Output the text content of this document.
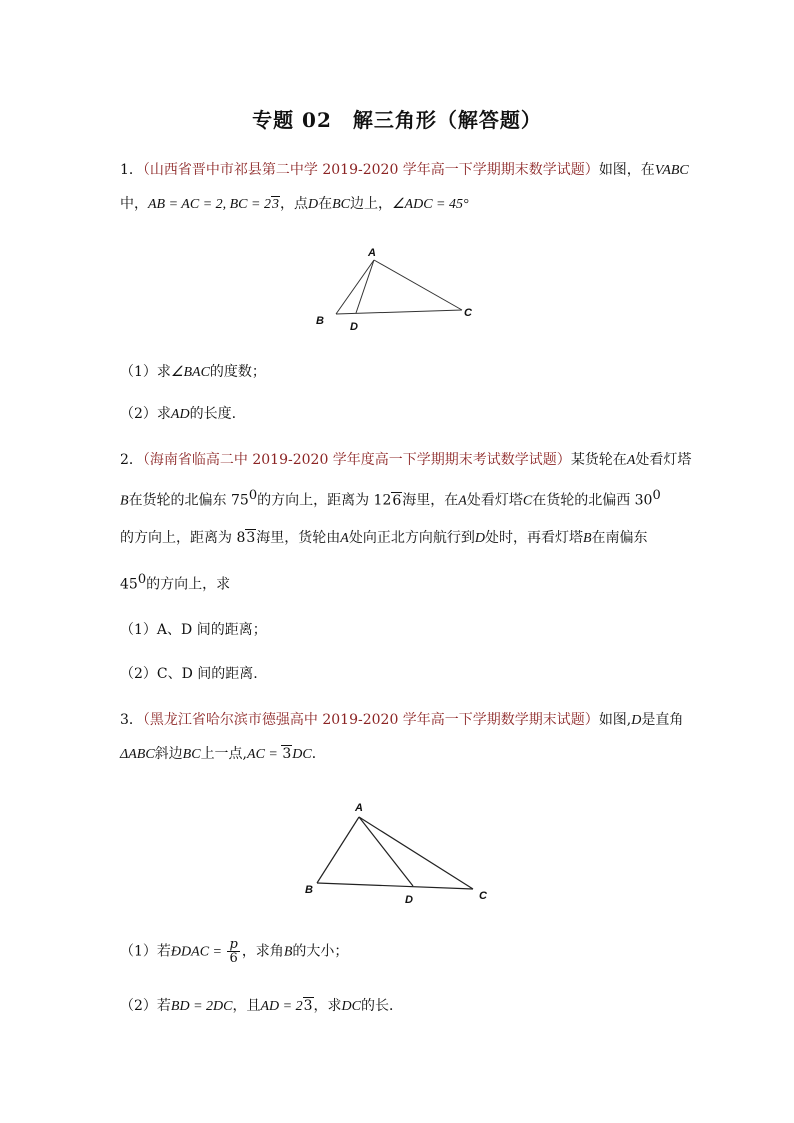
专题 02　解三角形（解答题）
1．（山西省晋中市祁县第二中学 2019-2020 学年高一下学期期末数学试题）如图，在VABC
中，AB = AC = 2, BC = 23，点D在BC边上，∠ADC = 45°
A
B D
C
（1）求∠BAC的度数；
（2）求AD的长度.
2．（海南省临高二中 2019-2020 学年度高一下学期期末考试数学试题）某货轮在A处看灯塔
B在货轮的北偏东 $75^0$的方向上，距离为 126海里，在A处看灯塔C在货轮的北偏西 $30^0$
的方向上，距离为 83海里，货轮由A处向正北方向航行到D处时，再看灯塔B在南偏东
$45^0$的方向上，求
（1）A、D 间的距离；
（2）C、D 间的距离.
3．（黑龙江省哈尔滨市德强高中 2019-2020 学年高一下学期数学期末试题）如图,D是直角
ΔABC斜边BC上一点,AC = 3DC．
A
B
D	C
（1）若ÐDAC = $\frac{p}{6}$ ，求角B的大小；
（2）若BD = 2DC，且AD = 23，求DC的长．
